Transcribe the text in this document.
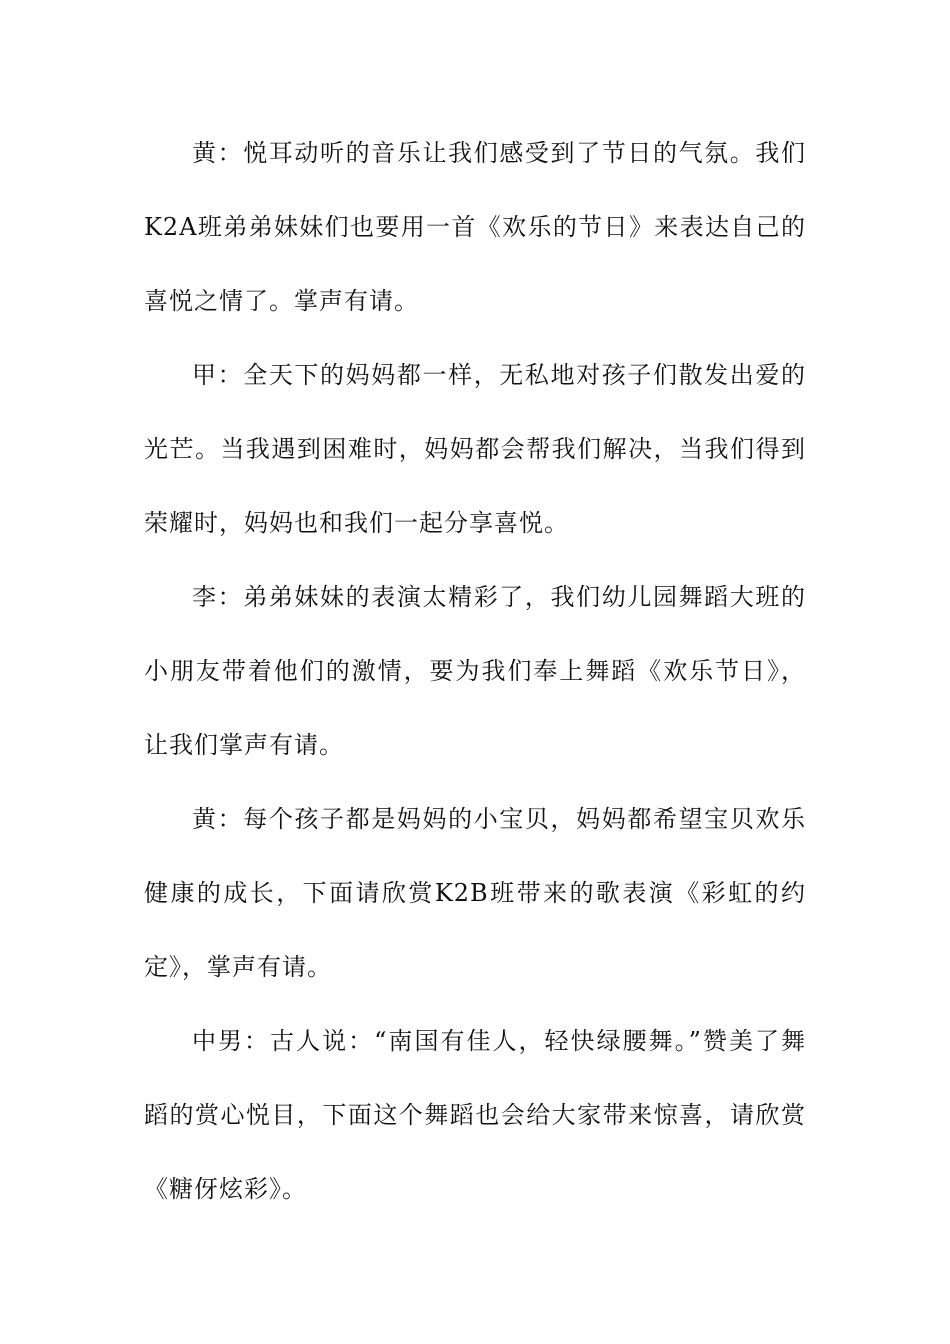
黄：悦耳动听的音乐让我们感受到了节日的气氛。我们K2A班弟弟妹妹们也要用一首《欢乐的节日》来表达自己的喜悦之情了。掌声有请。

甲：全天下的妈妈都一样，无私地对孩子们散发出爱的光芒。当我遇到困难时，妈妈都会帮我们解决，当我们得到荣耀时，妈妈也和我们一起分享喜悦。

李：弟弟妹妹的表演太精彩了，我们幼儿园舞蹈大班的小朋友带着他们的激情，要为我们奉上舞蹈《欢乐节日》，让我们掌声有请。

黄：每个孩子都是妈妈的小宝贝，妈妈都希望宝贝欢乐健康的成长，下面请欣赏K2B班带来的歌表演《彩虹的约定》，掌声有请。

中男：古人说：“南国有佳人，轻快绿腰舞。”赞美了舞蹈的赏心悦目，下面这个舞蹈也会给大家带来惊喜，请欣赏《糖伢炫彩》。
